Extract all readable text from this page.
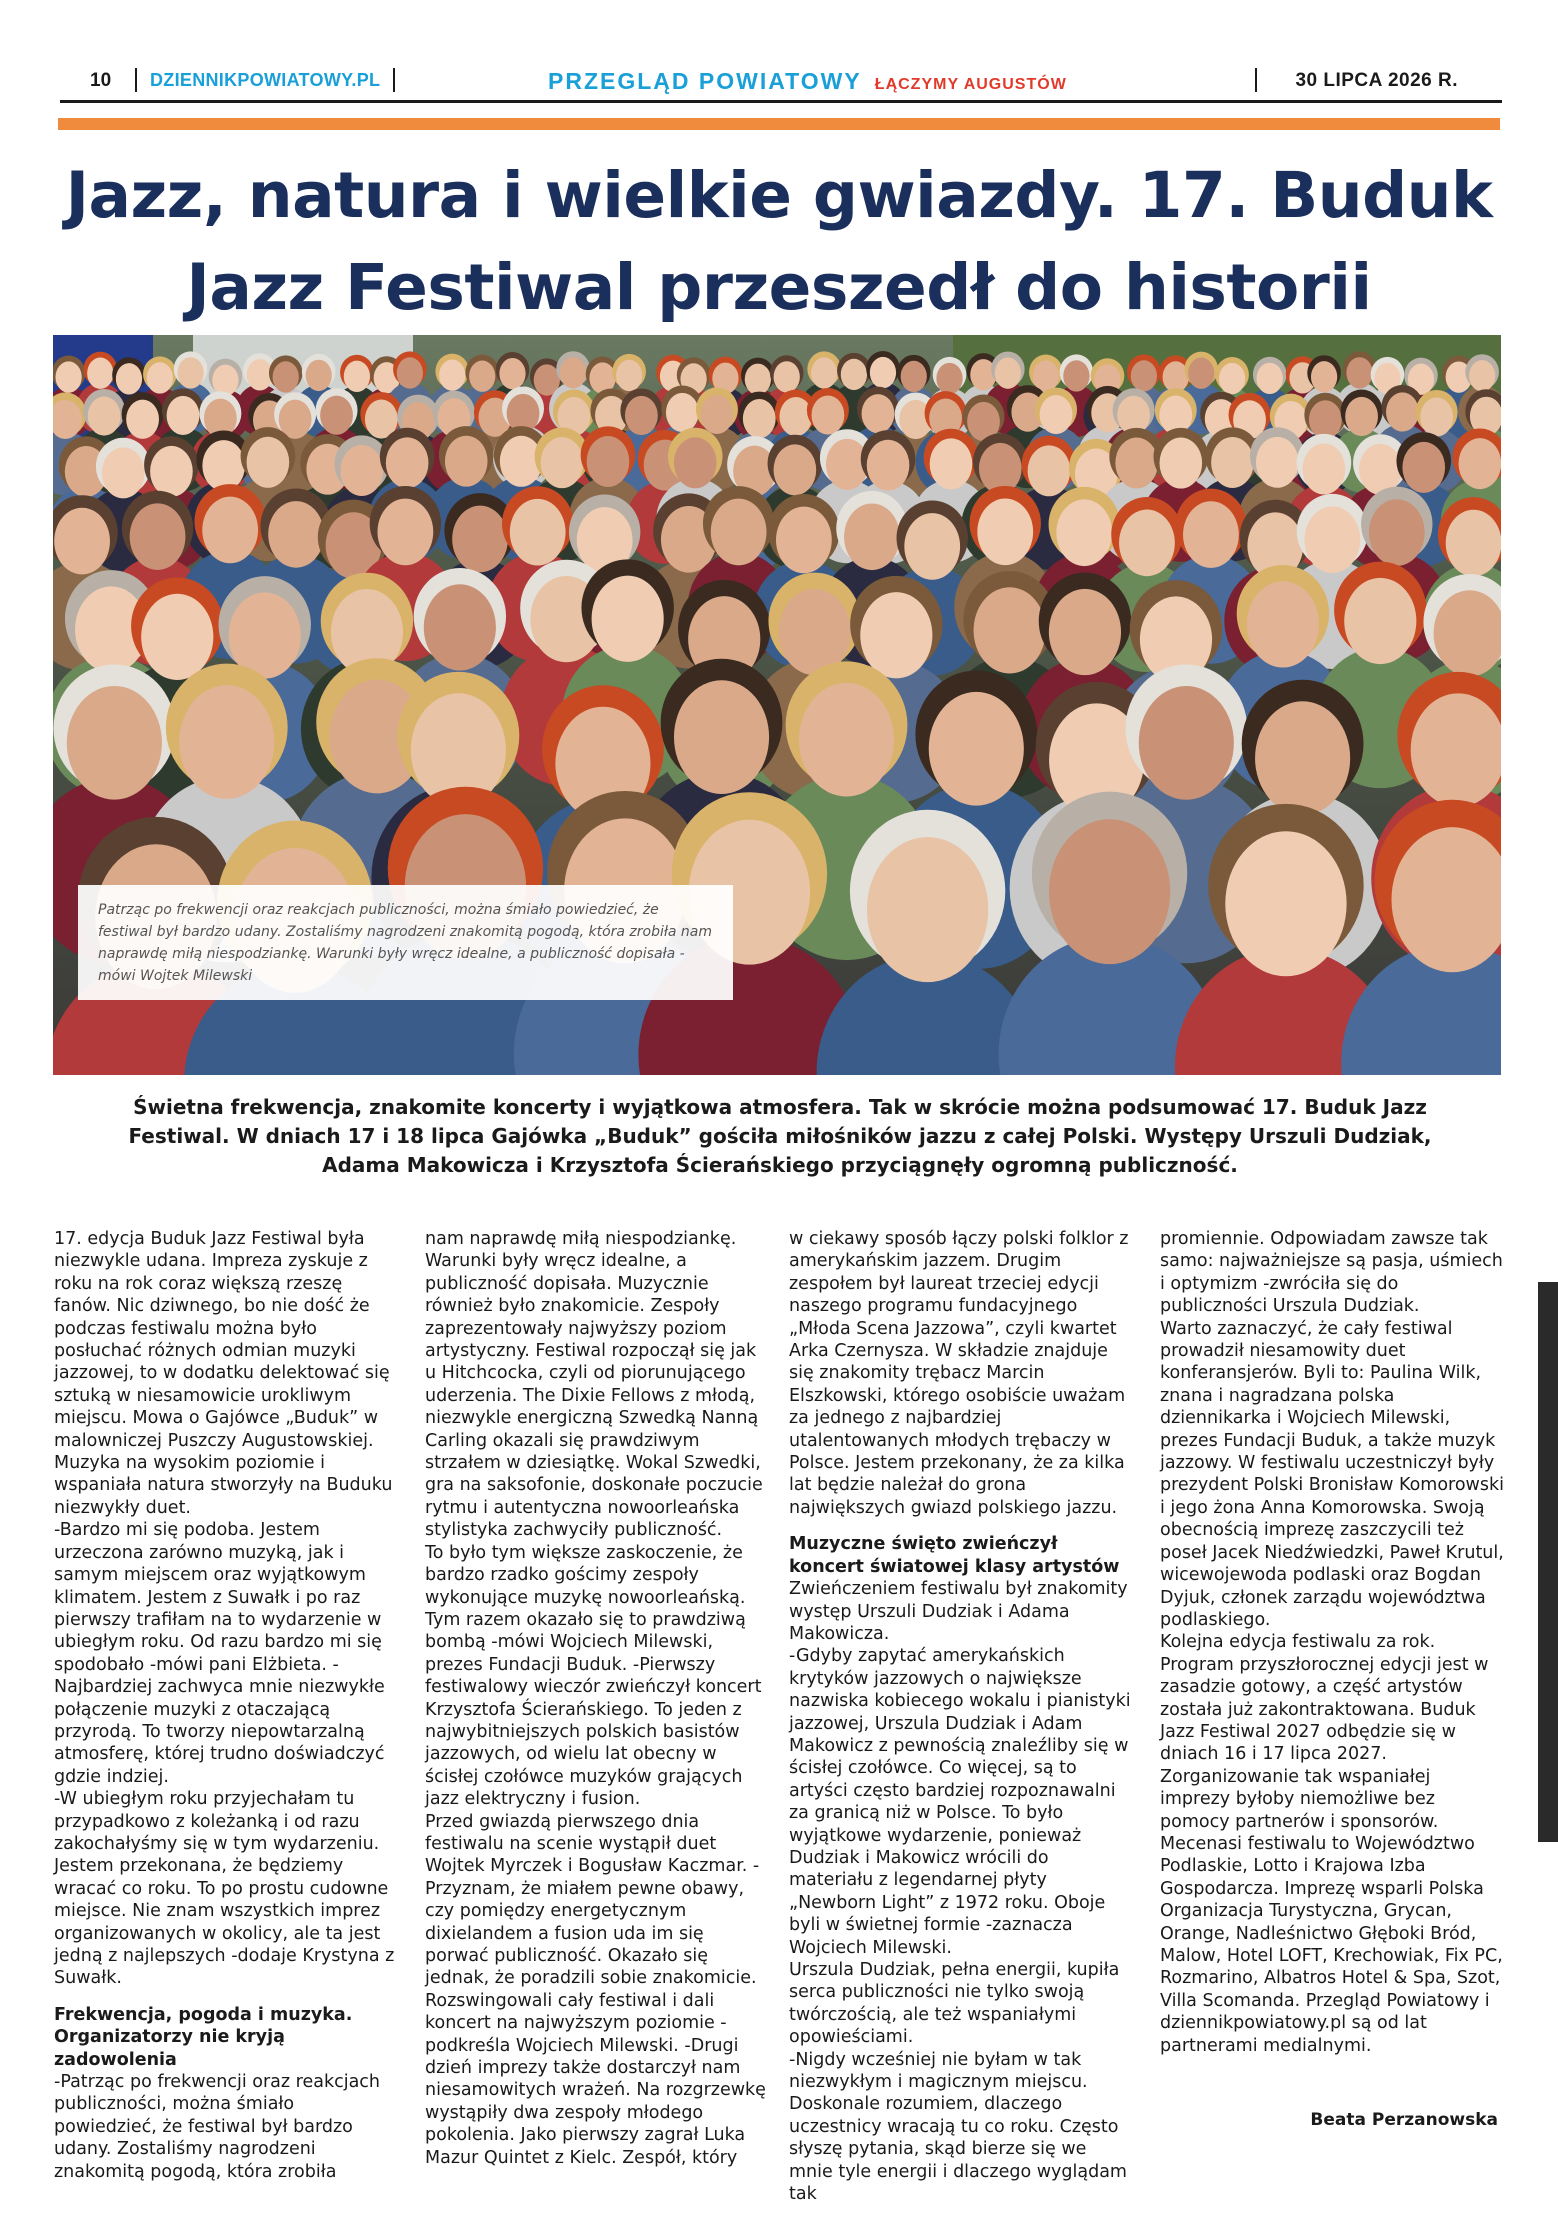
10 DZIENNIKPOWIATOWY.PL	PRZEGLĄD POWIATOWY ŁĄCZYMY AUGUSTÓW	30 LIPCA 2026 R.
Jazz, natura i wielkie gwiazdy. 17. Buduk Jazz Festiwal przeszedł do historii
Patrząc po frekwencji oraz reakcjach publiczności, można śmiało powiedzieć, że festiwal był bardzo udany. Zostaliśmy nagrodzeni znakomitą pogodą, która zrobiła nam naprawdę miłą niespodziankę. Warunki były wręcz idealne, a publiczność dopisała -mówi Wojtek Milewski

Świetna frekwencja, znakomite koncerty i wyjątkowa atmosfera. Tak w skrócie można podsumować 17. Buduk Jazz Festiwal. W dniach 17 i 18 lipca Gajówka „Buduk” gościła miłośników jazzu z całej Polski. Występy Urszuli Dudziak, Adama Makowicza i Krzysztofa Ścierańskiego przyciągnęły ogromną publiczność.

17. edycja Buduk Jazz Festiwal była niezwykle udana. Impreza zyskuje z roku na rok coraz większą rzeszę fanów. Nic dziwnego, bo nie dość że podczas festiwalu można było posłuchać różnych odmian muzyki jazzowej, to w dodatku delektować się sztuką w niesamowicie urokliwym miejscu. Mowa o Gajówce „Buduk” w malowniczej Puszczy Augustowskiej. Muzyka na wysokim poziomie i wspaniała natura stworzyły na Buduku niezwykły duet.

-Bardzo mi się podoba. Jestem urzeczona zarówno muzyką, jak i samym miejscem oraz wyjątkowym klimatem. Jestem z Suwałk i po raz pierwszy trafiłam na to wydarzenie w ubiegłym roku. Od razu bardzo mi się spodobało -mówi pani Elżbieta. -Najbardziej zachwyca mnie niezwykłe połączenie muzyki z otaczającą przyrodą. To tworzy niepowtarzalną atmosferę, której trudno doświadczyć gdzie indziej.

-W ubiegłym roku przyjechałam tu przypadkowo z koleżanką i od razu zakochałyśmy się w tym wydarzeniu. Jestem przekonana, że będziemy wracać co roku. To po prostu cudowne miejsce. Nie znam wszystkich imprez organizowanych w okolicy, ale ta jest jedną z najlepszych -dodaje Krystyna z Suwałk.

Frekwencja, pogoda i muzyka. Organizatorzy nie kryją zadowolenia

-Patrząc po frekwencji oraz reakcjach publiczności, można śmiało powiedzieć, że festiwal był bardzo udany. Zostaliśmy nagrodzeni znakomitą pogodą, która zrobiła

nam naprawdę miłą niespodziankę. Warunki były wręcz idealne, a publiczność dopisała. Muzycznie również było znakomicie. Zespoły zaprezentowały najwyższy poziom artystyczny. Festiwal rozpoczął się jak u Hitchcocka, czyli od piorunującego uderzenia. The Dixie Fellows z młodą, niezwykle energiczną Szwedką Nanną Carling okazali się prawdziwym strzałem w dziesiątkę. Wokal Szwedki, gra na saksofonie, doskonałe poczucie rytmu i autentyczna nowoorleańska stylistyka zachwyciły publiczność.

To było tym większe zaskoczenie, że bardzo rzadko gościmy zespoły wykonujące muzykę nowoorleańską. Tym razem okazało się to prawdziwą bombą -mówi Wojciech Milewski, prezes Fundacji Buduk. -Pierwszy festiwalowy wieczór zwieńczył koncert Krzysztofa Ścierańskiego. To jeden z najwybitniejszych polskich basistów jazzowych, od wielu lat obecny w ścisłej czołówce muzyków grających jazz elektryczny i fusion.

Przed gwiazdą pierwszego dnia festiwalu na scenie wystąpił duet Wojtek Myrczek i Bogusław Kaczmar. -Przyznam, że miałem pewne obawy, czy pomiędzy energetycznym dixielandem a fusion uda im się porwać publiczność. Okazało się jednak, że poradzili sobie znakomicie. Rozswingowali cały festiwal i dali koncert na najwyższym poziomie -podkreśla Wojciech Milewski. -Drugi dzień imprezy także dostarczył nam niesamowitych wrażeń. Na rozgrzewkę wystąpiły dwa zespoły młodego pokolenia. Jako pierwszy zagrał Luka Mazur Quintet z Kielc. Zespół, który

w ciekawy sposób łączy polski folklor z amerykańskim jazzem. Drugim zespołem był laureat trzeciej edycji naszego programu fundacyjnego „Młoda Scena Jazzowa”, czyli kwartet Arka Czernysza. W składzie znajduje się znakomity trębacz Marcin Elszkowski, którego osobiście uważam za jednego z najbardziej utalentowanych młodych trębaczy w Polsce. Jestem przekonany, że za kilka lat będzie należał do grona największych gwiazd polskiego jazzu.

Muzyczne święto zwieńczył koncert światowej klasy artystów

Zwieńczeniem festiwalu był znakomity występ Urszuli Dudziak i Adama Makowicza.

-Gdyby zapytać amerykańskich krytyków jazzowych o największe nazwiska kobiecego wokalu i pianistyki jazzowej, Urszula Dudziak i Adam Makowicz z pewnością znaleźliby się w ścisłej czołówce. Co więcej, są to artyści często bardziej rozpoznawalni za granicą niż w Polsce. To było wyjątkowe wydarzenie, ponieważ Dudziak i Makowicz wrócili do materiału z legendarnej płyty „Newborn Light” z 1972 roku. Oboje byli w świetnej formie -zaznacza Wojciech Milewski.

Urszula Dudziak, pełna energii, kupiła serca publiczności nie tylko swoją twórczością, ale też wspaniałymi opowieściami.

-Nigdy wcześniej nie byłam w tak niezwykłym i magicznym miejscu. Doskonale rozumiem, dlaczego uczestnicy wracają tu co roku. Często słyszę pytania, skąd bierze się we mnie tyle energii i dlaczego wyglądam tak

promiennie. Odpowiadam zawsze tak samo: najważniejsze są pasja, uśmiech i optymizm -zwróciła się do publiczności Urszula Dudziak.

Warto zaznaczyć, że cały festiwal prowadził niesamowity duet konferansjerów. Byli to: Paulina Wilk, znana i nagradzana polska dziennikarka i Wojciech Milewski, prezes Fundacji Buduk, a także muzyk jazzowy. W festiwalu uczestniczył były prezydent Polski Bronisław Komorowski i jego żona Anna Komorowska. Swoją obecnością imprezę zaszczycili też poseł Jacek Niedźwiedzki, Paweł Krutul, wicewojewoda podlaski oraz Bogdan Dyjuk, członek zarządu województwa podlaskiego.

Kolejna edycja festiwalu za rok. Program przyszłorocznej edycji jest w zasadzie gotowy, a część artystów została już zakontraktowana. Buduk Jazz Festiwal 2027 odbędzie się w dniach 16 i 17 lipca 2027.

Zorganizowanie tak wspaniałej imprezy byłoby niemożliwe bez pomocy partnerów i sponsorów. Mecenasi festiwalu to Województwo Podlaskie, Lotto i Krajowa Izba Gospodarcza. Imprezę wsparli Polska Organizacja Turystyczna, Grycan, Orange, Nadleśnictwo Głęboki Bród, Malow, Hotel LOFT, Krechowiak, Fix PC, Rozmarino, Albatros Hotel & Spa, Szot, Villa Scomanda. Przegląd Powiatowy i dziennikpowiatowy.pl są od lat partnerami medialnymi.

Beata Perzanowska
